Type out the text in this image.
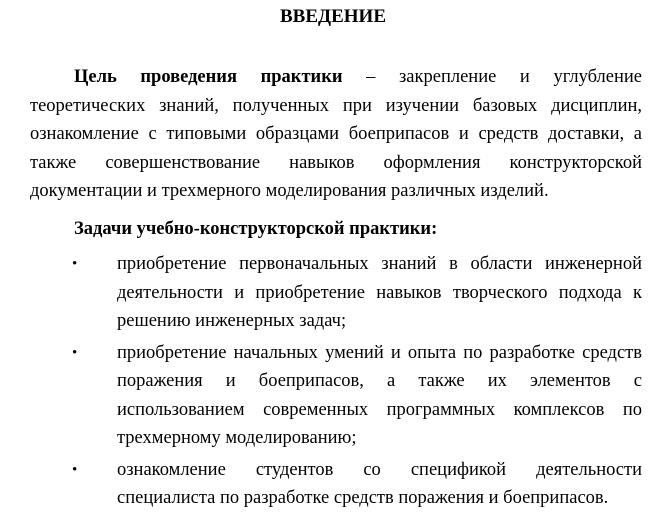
ВВЕДЕНИЕ

Цель проведения практики – закрепление и углубление теоретических знаний, полученных при изучении базовых дисциплин, ознакомление с типовыми образцами боеприпасов и средств доставки, а также совершенствование навыков оформления конструкторской документации и трехмерного моделирования различных изделий.

Задачи учебно-конструкторской практики:

• приобретение первоначальных знаний в области инженерной деятельности и приобретение навыков творческого подхода к решению инженерных задач;
• приобретение начальных умений и опыта по разработке средств поражения и боеприпасов, а также их элементов с использованием современных программных комплексов по трехмерному моделированию;
• ознакомление студентов со спецификой деятельности специалиста по разработке средств поражения и боеприпасов.
